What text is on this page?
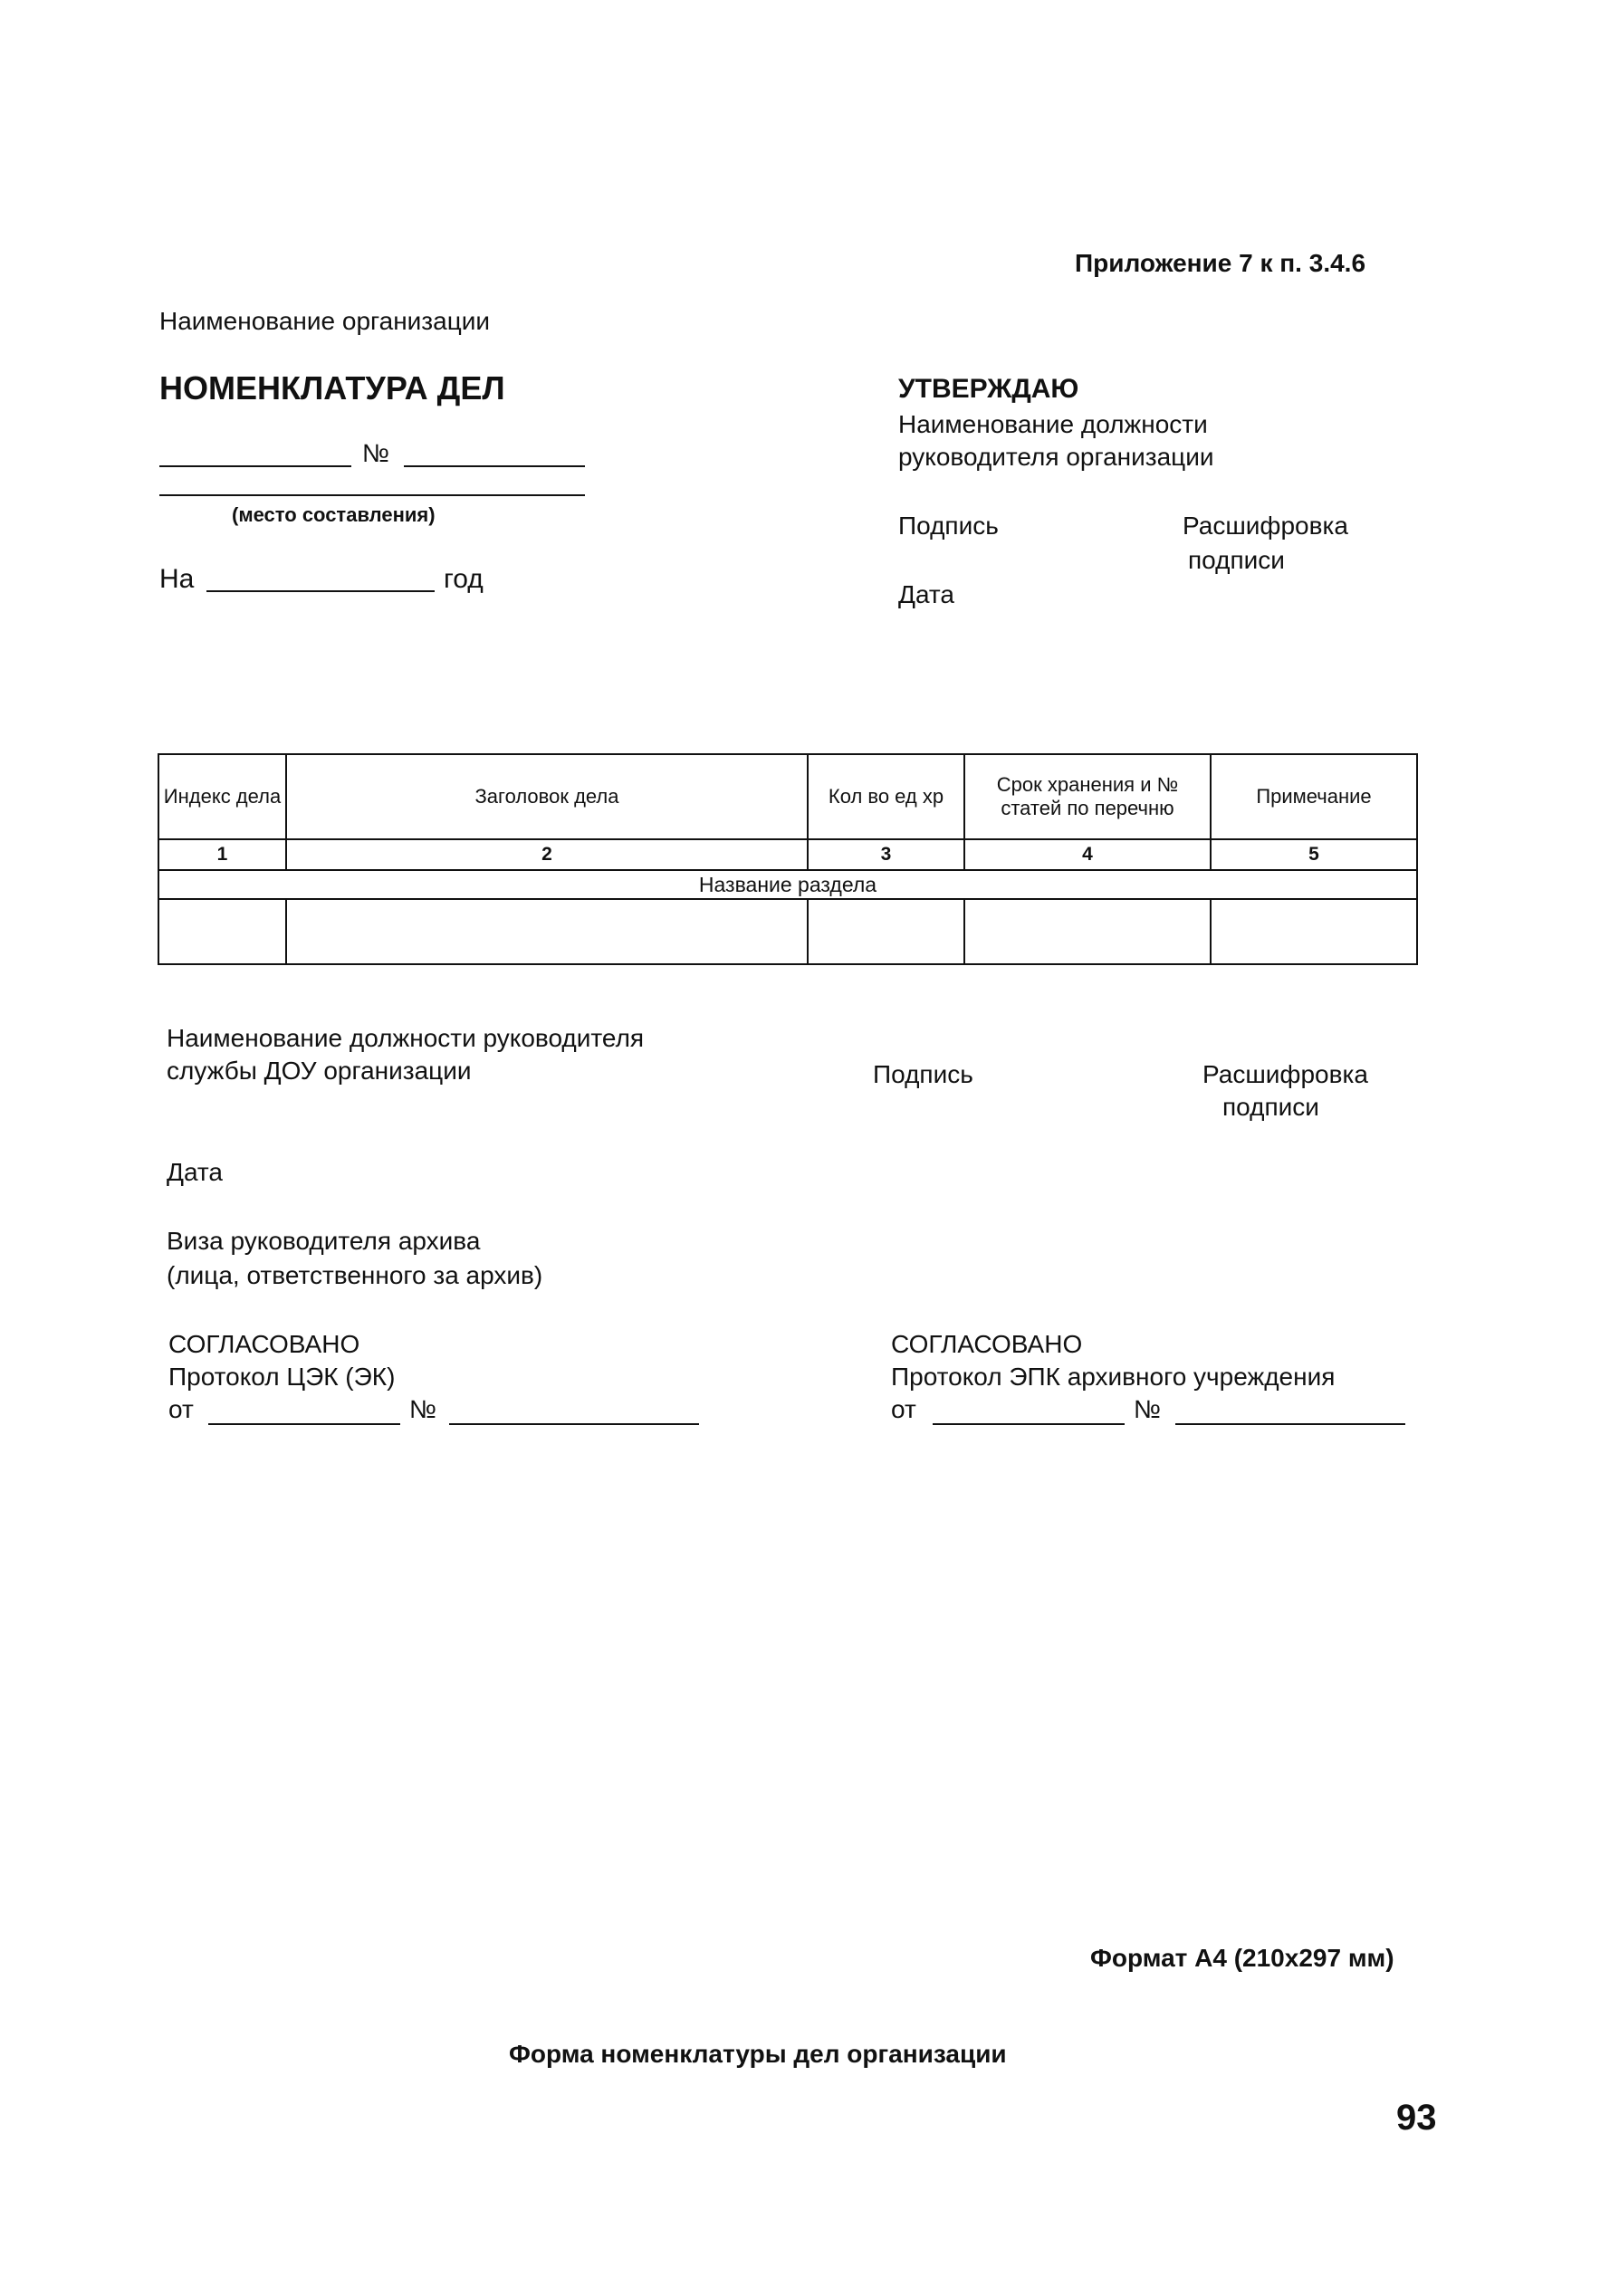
Приложение 7 к п. 3.4.6
Наименование организации
НОМЕНКЛАТУРА ДЕЛ
№
(место составления)
На	год
УТВЕРЖДАЮ
Наименование должности
руководителя организации
Подпись	Расшифровка
подписи
Дата
Индекс дела	Заголовок дела	Кол во ед хр	Срок хранения и № статей по перечню	Примечание
1	2	3	4	5
Название раздела				

Наименование должности руководителя
службы ДОУ организации	Подпись	Расшифровка
подписи
Дата
Виза руководителя архива
(лица, ответственного за архив)
СОГЛАСОВАНО
Протокол ЦЭК (ЭК)
от	№
СОГЛАСОВАНО
Протокол ЭПК архивного учреждения
от	№
Формат А4 (210х297 мм)
Форма номенклатуры дел организации
93
